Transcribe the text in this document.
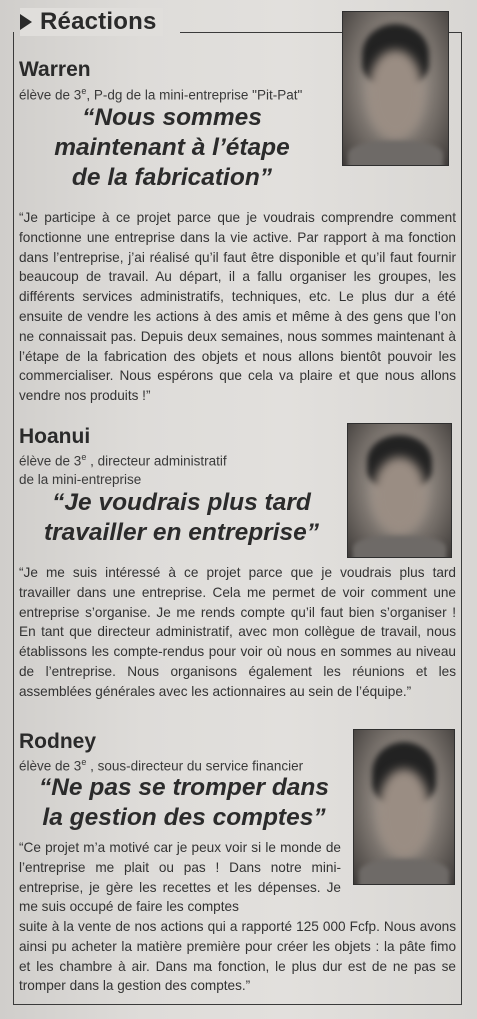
Réactions
Warren
élève de 3e, P-dg de la mini-entreprise "Pit-Pat"
“Nous sommes
maintenant à l’étape
de la fabrication”
“Je participe à ce projet parce que je voudrais comprendre comment fonctionne une entreprise dans la vie active. Par rapport à ma fonction dans l’entreprise, j’ai réalisé qu’il faut être disponible et qu’il faut fournir beaucoup de travail. Au départ, il a fallu organiser les groupes, les différents services administratifs, techniques, etc. Le plus dur a été ensuite de vendre les actions à des amis et même à des gens que l’on ne connaissait pas. Depuis deux semaines, nous sommes maintenant à l’étape de la fabrication des objets et nous allons bientôt pouvoir les commercialiser. Nous espérons que cela va plaire et que nous allons vendre nos produits !”
Hoanui
élève de 3e , directeur administratif
de la mini-entreprise
“Je voudrais plus tard
travailler en entreprise”
“Je me suis intéressé à ce projet parce que je voudrais plus tard travailler dans une entreprise. Cela me permet de voir comment une entreprise s’organise. Je me rends compte qu’il faut bien s’organiser ! En tant que directeur administratif, avec mon collègue de travail, nous établissons les compte-rendus pour voir où nous en sommes au niveau de l’entreprise. Nous organisons également les réunions et les assemblées générales avec les actionnaires au sein de l’équipe.”
Rodney
élève de 3e , sous-directeur du service financier
“Ne pas se tromper dans
la gestion des comptes”
“Ce projet m’a motivé car je peux voir si le monde de l’entreprise me plait ou pas ! Dans notre mini-entreprise, je gère les recettes et les dépenses. Je me suis occupé de faire les comptes
suite à la vente de nos actions qui a rapporté 125 000 Fcfp. Nous avons ainsi pu acheter la matière première pour créer les objets : la pâte fimo et les chambre à air. Dans ma fonction, le plus dur est de ne pas se tromper dans la gestion des comptes.”
